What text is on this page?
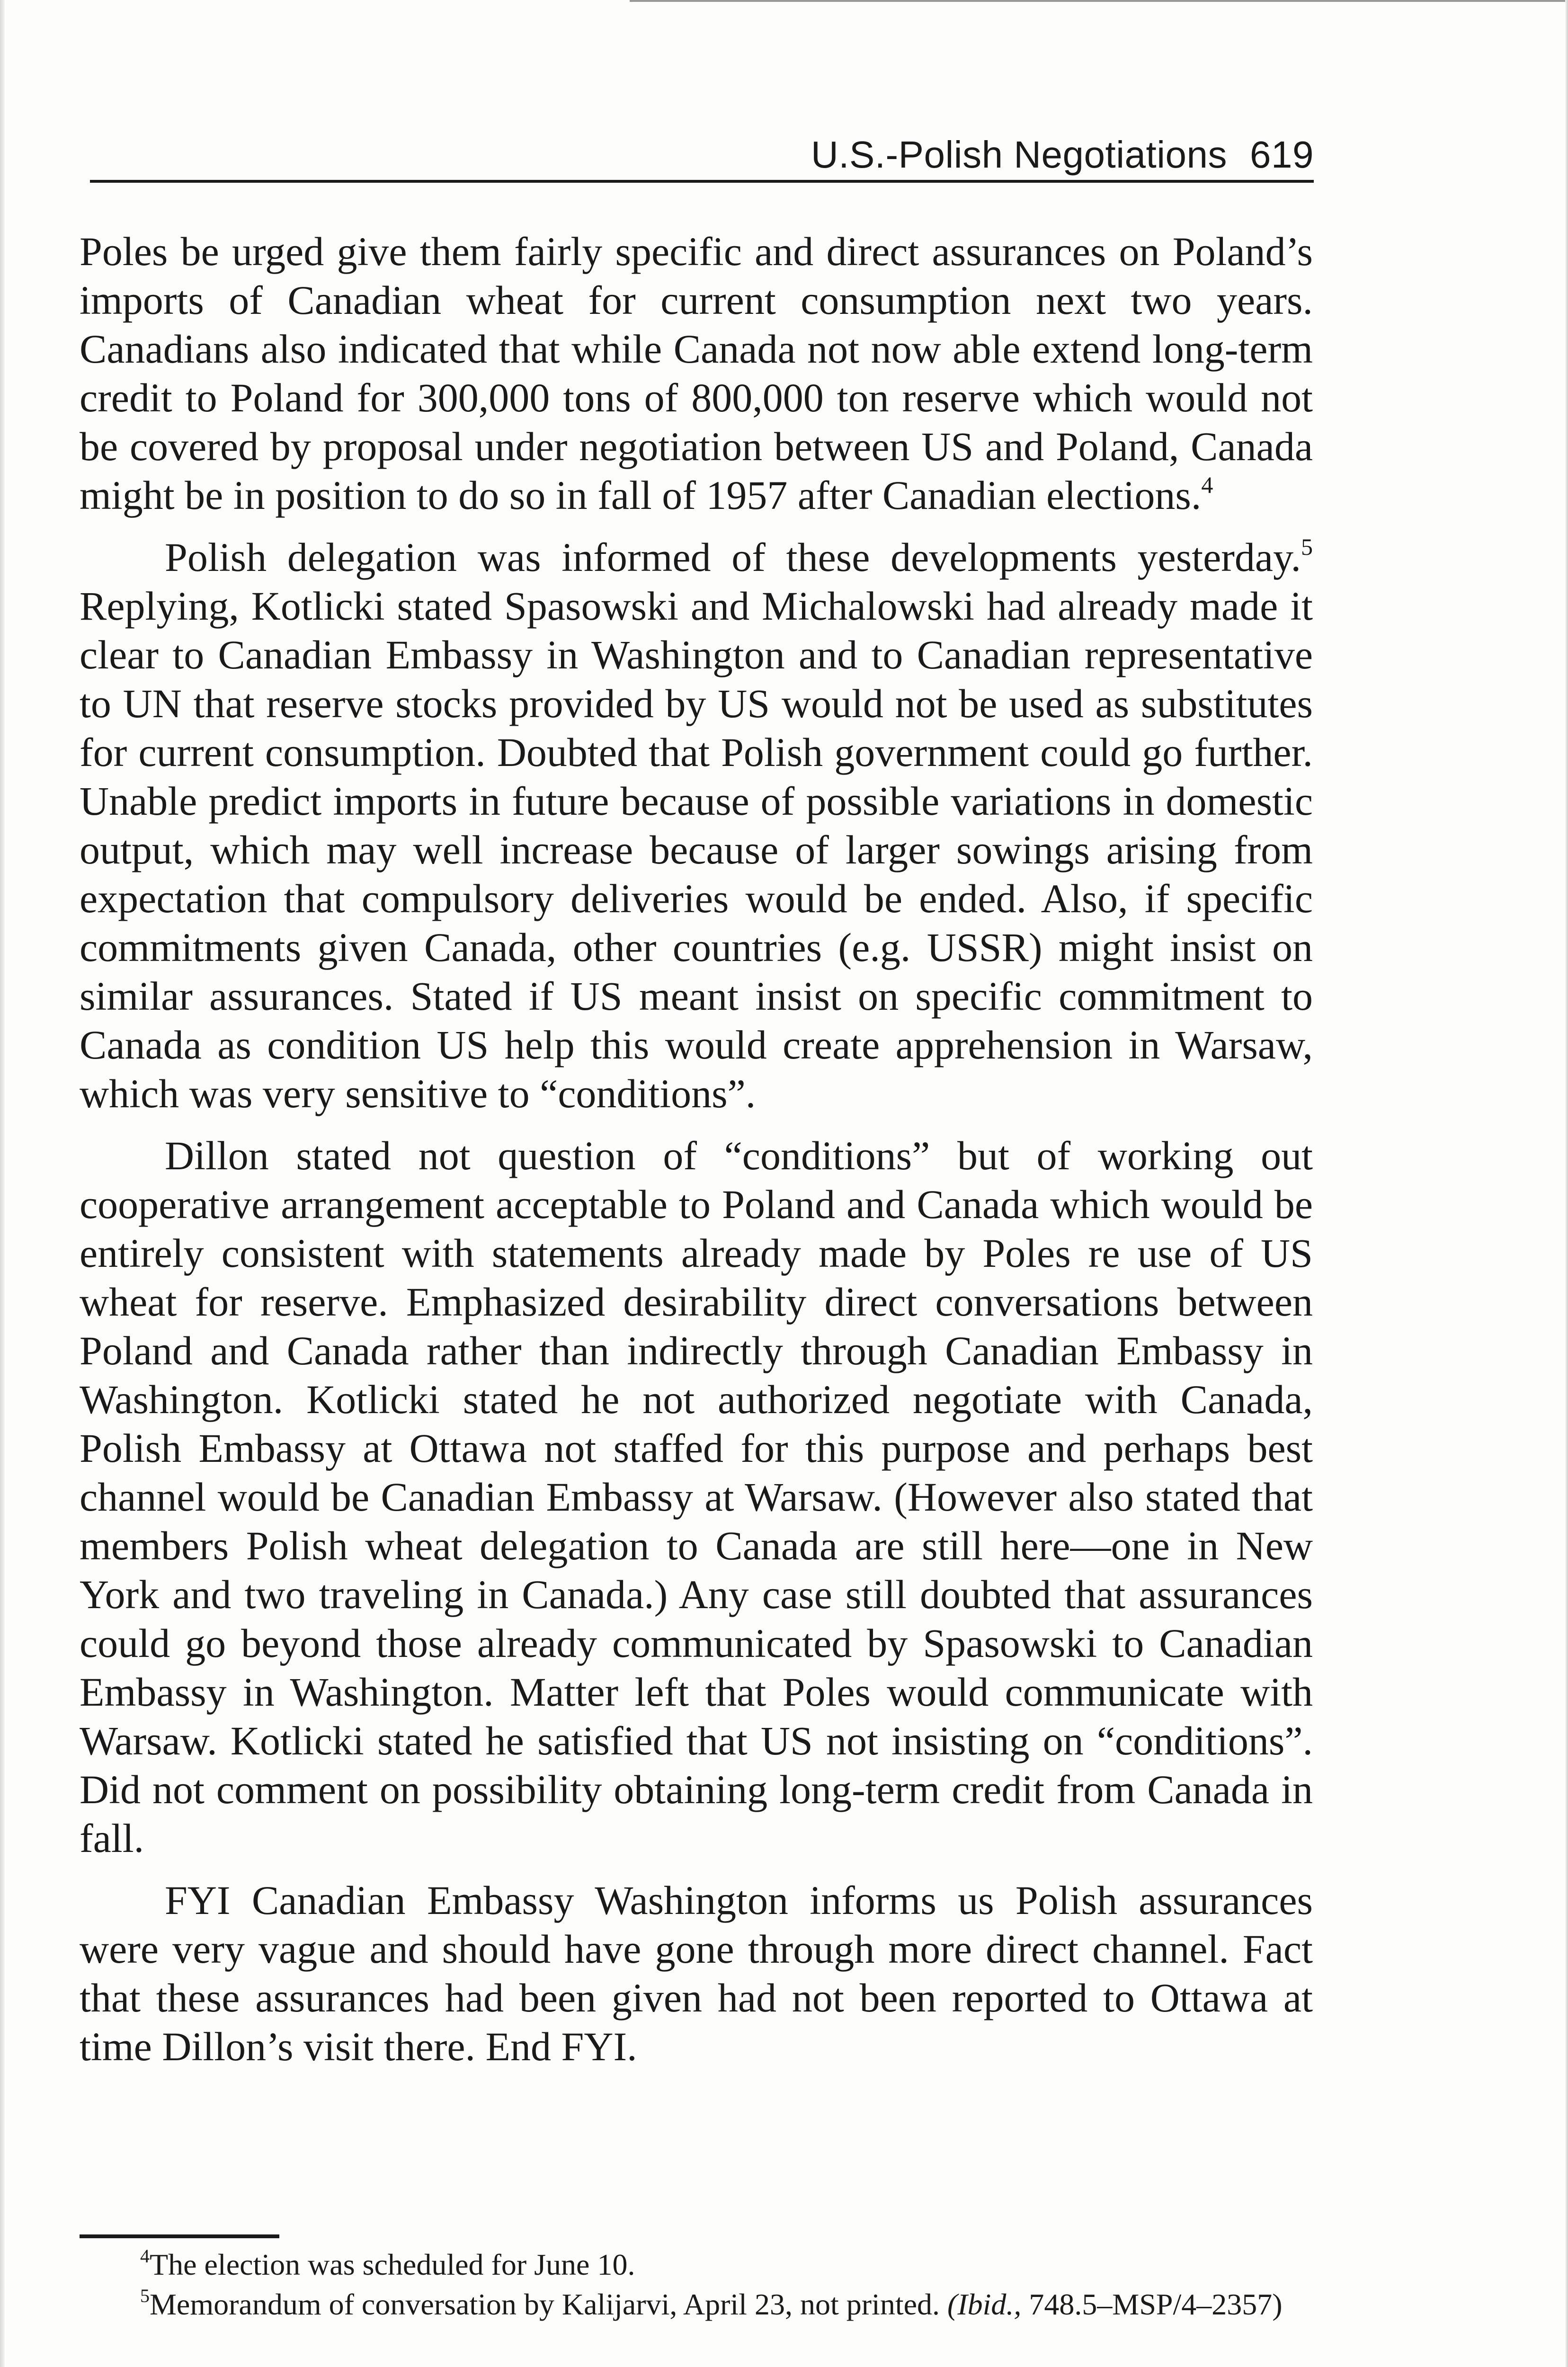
U.S.-Polish Negotiations 619

Poles be urged give them fairly specific and direct assurances on Poland’s imports of Canadian wheat for current consumption next two years. Canadians also indicated that while Canada not now able extend long-term credit to Poland for 300,000 tons of 800,000 ton reserve which would not be covered by proposal under negotiation between US and Poland, Canada might be in position to do so in fall of 1957 after Canadian elections.$^4$

Polish delegation was informed of these developments yesterday.$^5$ Replying, Kotlicki stated Spasowski and Michalowski had already made it clear to Canadian Embassy in Washington and to Canadian representative to UN that reserve stocks provided by US would not be used as substitutes for current consumption. Doubted that Polish government could go further. Unable predict imports in future because of possible variations in domestic output, which may well increase because of larger sowings arising from expectation that compulsory deliveries would be ended. Also, if specific commitments given Canada, other countries (e.g. USSR) might insist on similar assurances. Stated if US meant insist on specific commitment to Canada as condition US help this would create apprehension in Warsaw, which was very sensitive to “conditions”.

Dillon stated not question of “conditions” but of working out cooperative arrangement acceptable to Poland and Canada which would be entirely consistent with statements already made by Poles re use of US wheat for reserve. Emphasized desirability direct conversations between Poland and Canada rather than indirectly through Canadian Embassy in Washington. Kotlicki stated he not authorized negotiate with Canada, Polish Embassy at Ottawa not staffed for this purpose and perhaps best channel would be Canadian Embassy at Warsaw. (However also stated that members Polish wheat delegation to Canada are still here—one in New York and two traveling in Canada.) Any case still doubted that assurances could go beyond those already communicated by Spasowski to Canadian Embassy in Washington. Matter left that Poles would communicate with Warsaw. Kotlicki stated he satisfied that US not insisting on “conditions”. Did not comment on possibility obtaining long-term credit from Canada in fall.

FYI Canadian Embassy Washington informs us Polish assurances were very vague and should have gone through more direct channel. Fact that these assurances had been given had not been reported to Ottawa at time Dillon’s visit there. End FYI.

$^4$The election was scheduled for June 10.

$^5$Memorandum of conversation by Kalijarvi, April 23, not printed. (Ibid., 748.5–MSP/4–2357)
